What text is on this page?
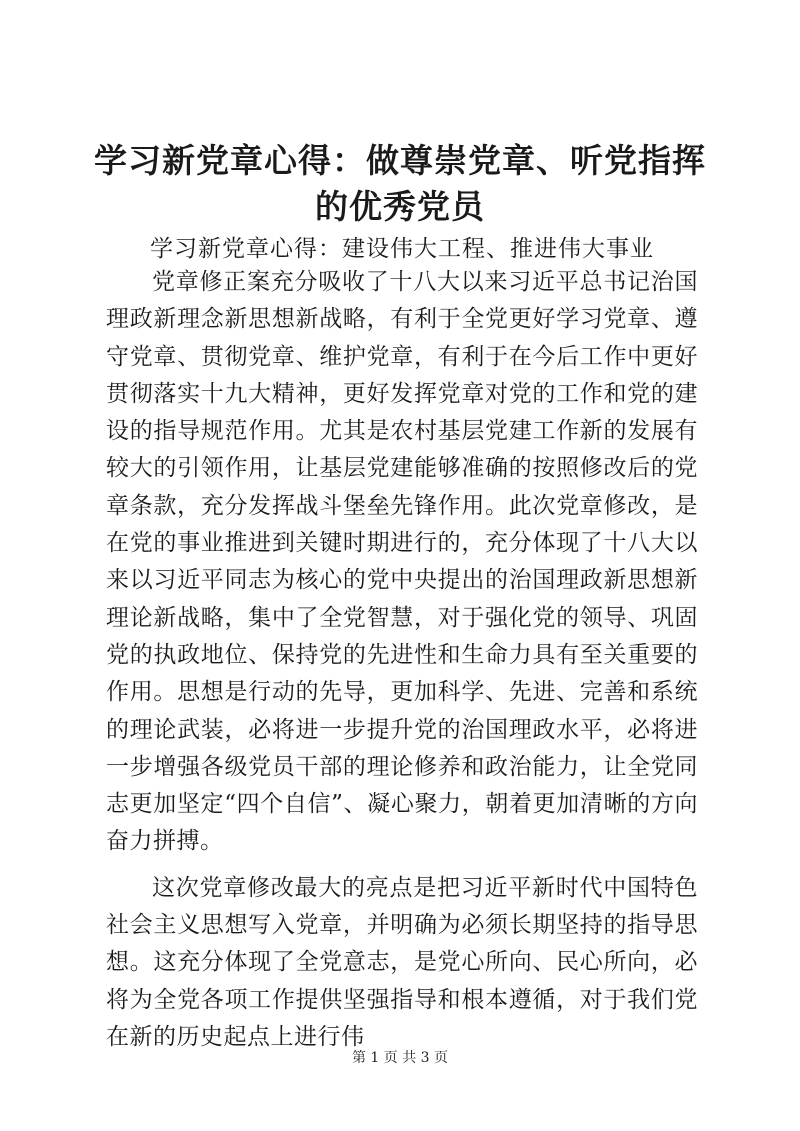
学习新党章心得：做尊崇党章、听党指挥的优秀党员
学习新党章心得：建设伟大工程、推进伟大事业

党章修正案充分吸收了十八大以来习近平总书记治国理政新理念新思想新战略，有利于全党更好学习党章、遵守党章、贯彻党章、维护党章，有利于在今后工作中更好贯彻落实十九大精神，更好发挥党章对党的工作和党的建设的指导规范作用。尤其是农村基层党建工作新的发展有较大的引领作用，让基层党建能够准确的按照修改后的党章条款，充分发挥战斗堡垒先锋作用。此次党章修改，是在党的事业推进到关键时期进行的，充分体现了十八大以来以习近平同志为核心的党中央提出的治国理政新思想新理论新战略，集中了全党智慧，对于强化党的领导、巩固党的执政地位、保持党的先进性和生命力具有至关重要的作用。思想是行动的先导，更加科学、先进、完善和系统的理论武装，必将进一步提升党的治国理政水平，必将进一步增强各级党员干部的理论修养和政治能力，让全党同志更加坚定“四个自信”、凝心聚力，朝着更加清晰的方向奋力拼搏。

这次党章修改最大的亮点是把习近平新时代中国特色社会主义思想写入党章，并明确为必须长期坚持的指导思想。这充分体现了全党意志，是党心所向、民心所向，必将为全党各项工作提供坚强指导和根本遵循，对于我们党在新的历史起点上进行伟

第 1 页 共 3 页
